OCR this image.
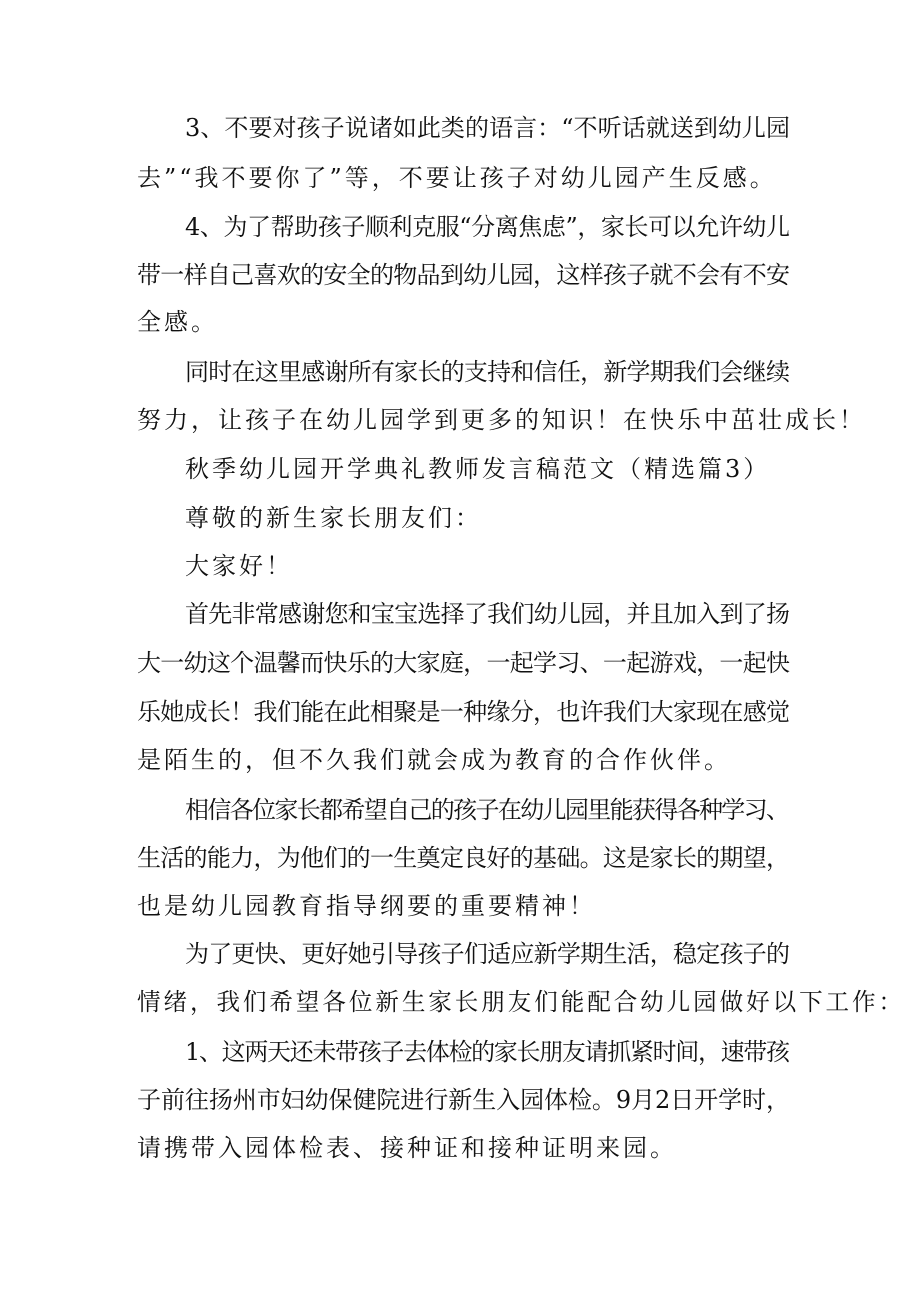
3、不要对孩子说诸如此类的语言：“不听话就送到幼儿园
去”“我不要你了”等，不要让孩子对幼儿园产生反感。
4、为了帮助孩子顺利克服“分离焦虑”，家长可以允许幼儿
带一样自己喜欢的安全的物品到幼儿园，这样孩子就不会有不安
全感。
同时在这里感谢所有家长的支持和信任，新学期我们会继续
努力，让孩子在幼儿园学到更多的知识！在快乐中茁壮成长！
秋季幼儿园开学典礼教师发言稿范文（精选篇3）
尊敬的新生家长朋友们：
大家好！
首先非常感谢您和宝宝选择了我们幼儿园，并且加入到了扬
大一幼这个温馨而快乐的大家庭，一起学习、一起游戏，一起快
乐她成长！我们能在此相聚是一种缘分，也许我们大家现在感觉
是陌生的，但不久我们就会成为教育的合作伙伴。
相信各位家长都希望自己的孩子在幼儿园里能获得各种学习、
生活的能力，为他们的一生奠定良好的基础。这是家长的期望，
也是幼儿园教育指导纲要的重要精神！
为了更快、更好她引导孩子们适应新学期生活，稳定孩子的
情绪，我们希望各位新生家长朋友们能配合幼儿园做好以下工作：
1、这两天还未带孩子去体检的家长朋友请抓紧时间，速带孩
子前往扬州市妇幼保健院进行新生入园体检。9月2日开学时，
请携带入园体检表、接种证和接种证明来园。
